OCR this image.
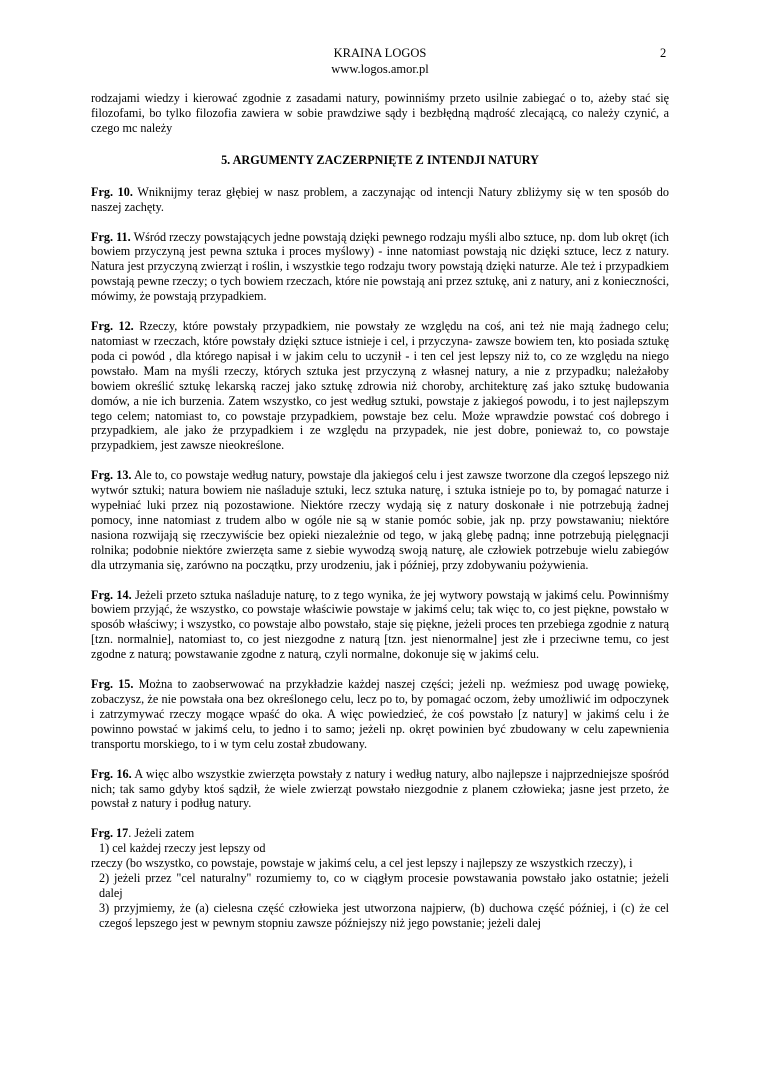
KRAINA LOGOS
www.logos.amor.pl
2

rodzajami wiedzy i kierować zgodnie z zasadami natury, powinniśmy przeto usilnie zabiegać o to, ażeby stać się filozofami, bo tylko filozofia zawiera w sobie prawdziwe sądy i bezbłędną mądrość zlecającą, co należy czynić, a czego mc należy

5. ARGUMENTY ZACZERPNIĘTE Z INTENDJI NATURY

Frg. 10. Wniknijmy teraz głębiej w nasz problem, a zaczynając od intencji Natury zbliżymy się w ten sposób do naszej zachęty.

Frg. 11. Wśród rzeczy powstających jedne powstają dzięki pewnego rodzaju myśli albo sztuce, np. dom lub okręt (ich bowiem przyczyną jest pewna sztuka i proces myślowy) - inne natomiast powstają nic dzięki sztuce, lecz z natury. Natura jest przyczyną zwierząt i roślin, i wszystkie tego rodzaju twory powstają dzięki naturze. Ale też i przypadkiem powstają pewne rzeczy; o tych bowiem rzeczach, które nie powstają ani przez sztukę, ani z natury, ani z konieczności, mówimy, że powstają przypadkiem.

Frg. 12. Rzeczy, które powstały przypadkiem, nie powstały ze względu na coś, ani też nie mają żadnego celu; natomiast w rzeczach, które powstały dzięki sztuce istnieje i cel, i przyczyna- zawsze bowiem ten, kto posiada sztukę poda ci powód , dla którego napisał i w jakim celu to uczynił - i ten cel jest lepszy niż to, co ze względu na niego powstało. Mam na myśli rzeczy, których sztuka jest przyczyną z własnej natury, a nie z przypadku; należałoby bowiem określić sztukę lekarską raczej jako sztukę zdrowia niż choroby, architekturę zaś jako sztukę budowania domów, a nie ich burzenia. Zatem wszystko, co jest według sztuki, powstaje z jakiegoś powodu, i to jest najlepszym tego celem; natomiast to, co powstaje przypadkiem, powstaje bez celu. Może wprawdzie powstać coś dobrego i przypadkiem, ale jako że przypadkiem i ze względu na przypadek, nie jest dobre, ponieważ to, co powstaje przypadkiem, jest zawsze nieokreślone.

Frg. 13. Ale to, co powstaje według natury, powstaje dla jakiegoś celu i jest zawsze tworzone dla czegoś lepszego niż wytwór sztuki; natura bowiem nie naśladuje sztuki, lecz sztuka naturę, i sztuka istnieje po to, by pomagać naturze i wypełniać luki przez nią pozostawione. Niektóre rzeczy wydają się z natury doskonałe i nie potrzebują żadnej pomocy, inne natomiast z trudem albo w ogóle nie są w stanie pomóc sobie, jak np. przy powstawaniu; niektóre nasiona rozwijają się rzeczywiście bez opieki niezależnie od tego, w jaką glebę padną; inne potrzebują pielęgnacji rolnika; podobnie niektóre zwierzęta same z siebie wywodzą swoją naturę, ale człowiek potrzebuje wielu zabiegów dla utrzymania się, zarówno na początku, przy urodzeniu, jak i później, przy zdobywaniu pożywienia.

Frg. 14. Jeżeli przeto sztuka naśladuje naturę, to z tego wynika, że jej wytwory powstają w jakimś celu. Powinniśmy bowiem przyjąć, że wszystko, co powstaje właściwie powstaje w jakimś celu; tak więc to, co jest piękne, powstało w sposób właściwy; i wszystko, co powstaje albo powstało, staje się piękne, jeżeli proces ten przebiega zgodnie z naturą [tzn. normalnie], natomiast to, co jest niezgodne z naturą [tzn. jest nienormalne] jest złe i przeciwne temu, co jest zgodne z naturą; powstawanie zgodne z naturą, czyli normalne, dokonuje się w jakimś celu.

Frg. 15. Można to zaobserwować na przykładzie każdej naszej części; jeżeli np. weźmiesz pod uwagę powiekę, zobaczysz, że nie powstała ona bez określonego celu, lecz po to, by pomagać oczom, żeby umożliwić im odpoczynek i zatrzymywać rzeczy mogące wpaść do oka. A więc powiedzieć, że coś powstało [z natury] w jakimś celu i że powinno powstać w jakimś celu, to jedno i to samo; jeżeli np. okręt powinien być zbudowany w celu zapewnienia transportu morskiego, to i w tym celu został zbudowany.

Frg. 16. A więc albo wszystkie zwierzęta powstały z natury i według natury, albo najlepsze i najprzedniejsze spośród nich; tak samo gdyby ktoś sądził, że wiele zwierząt powstało niezgodnie z planem człowieka; jasne jest przeto, że powstał z natury i podług natury.

Frg. 17. Jeżeli zatem
1) cel każdej rzeczy jest lepszy od
rzeczy (bo wszystko, co powstaje, powstaje w jakimś celu, a cel jest lepszy i najlepszy ze wszystkich rzeczy), i
2) jeżeli przez "cel naturalny" rozumiemy to, co w ciągłym procesie powstawania powstało jako ostatnie; jeżeli dalej
3) przyjmiemy, że (a) cielesna część człowieka jest utworzona najpierw, (b) duchowa część później, i (c) że cel czegoś lepszego jest w pewnym stopniu zawsze późniejszy niż jego powstanie; jeżeli dalej
